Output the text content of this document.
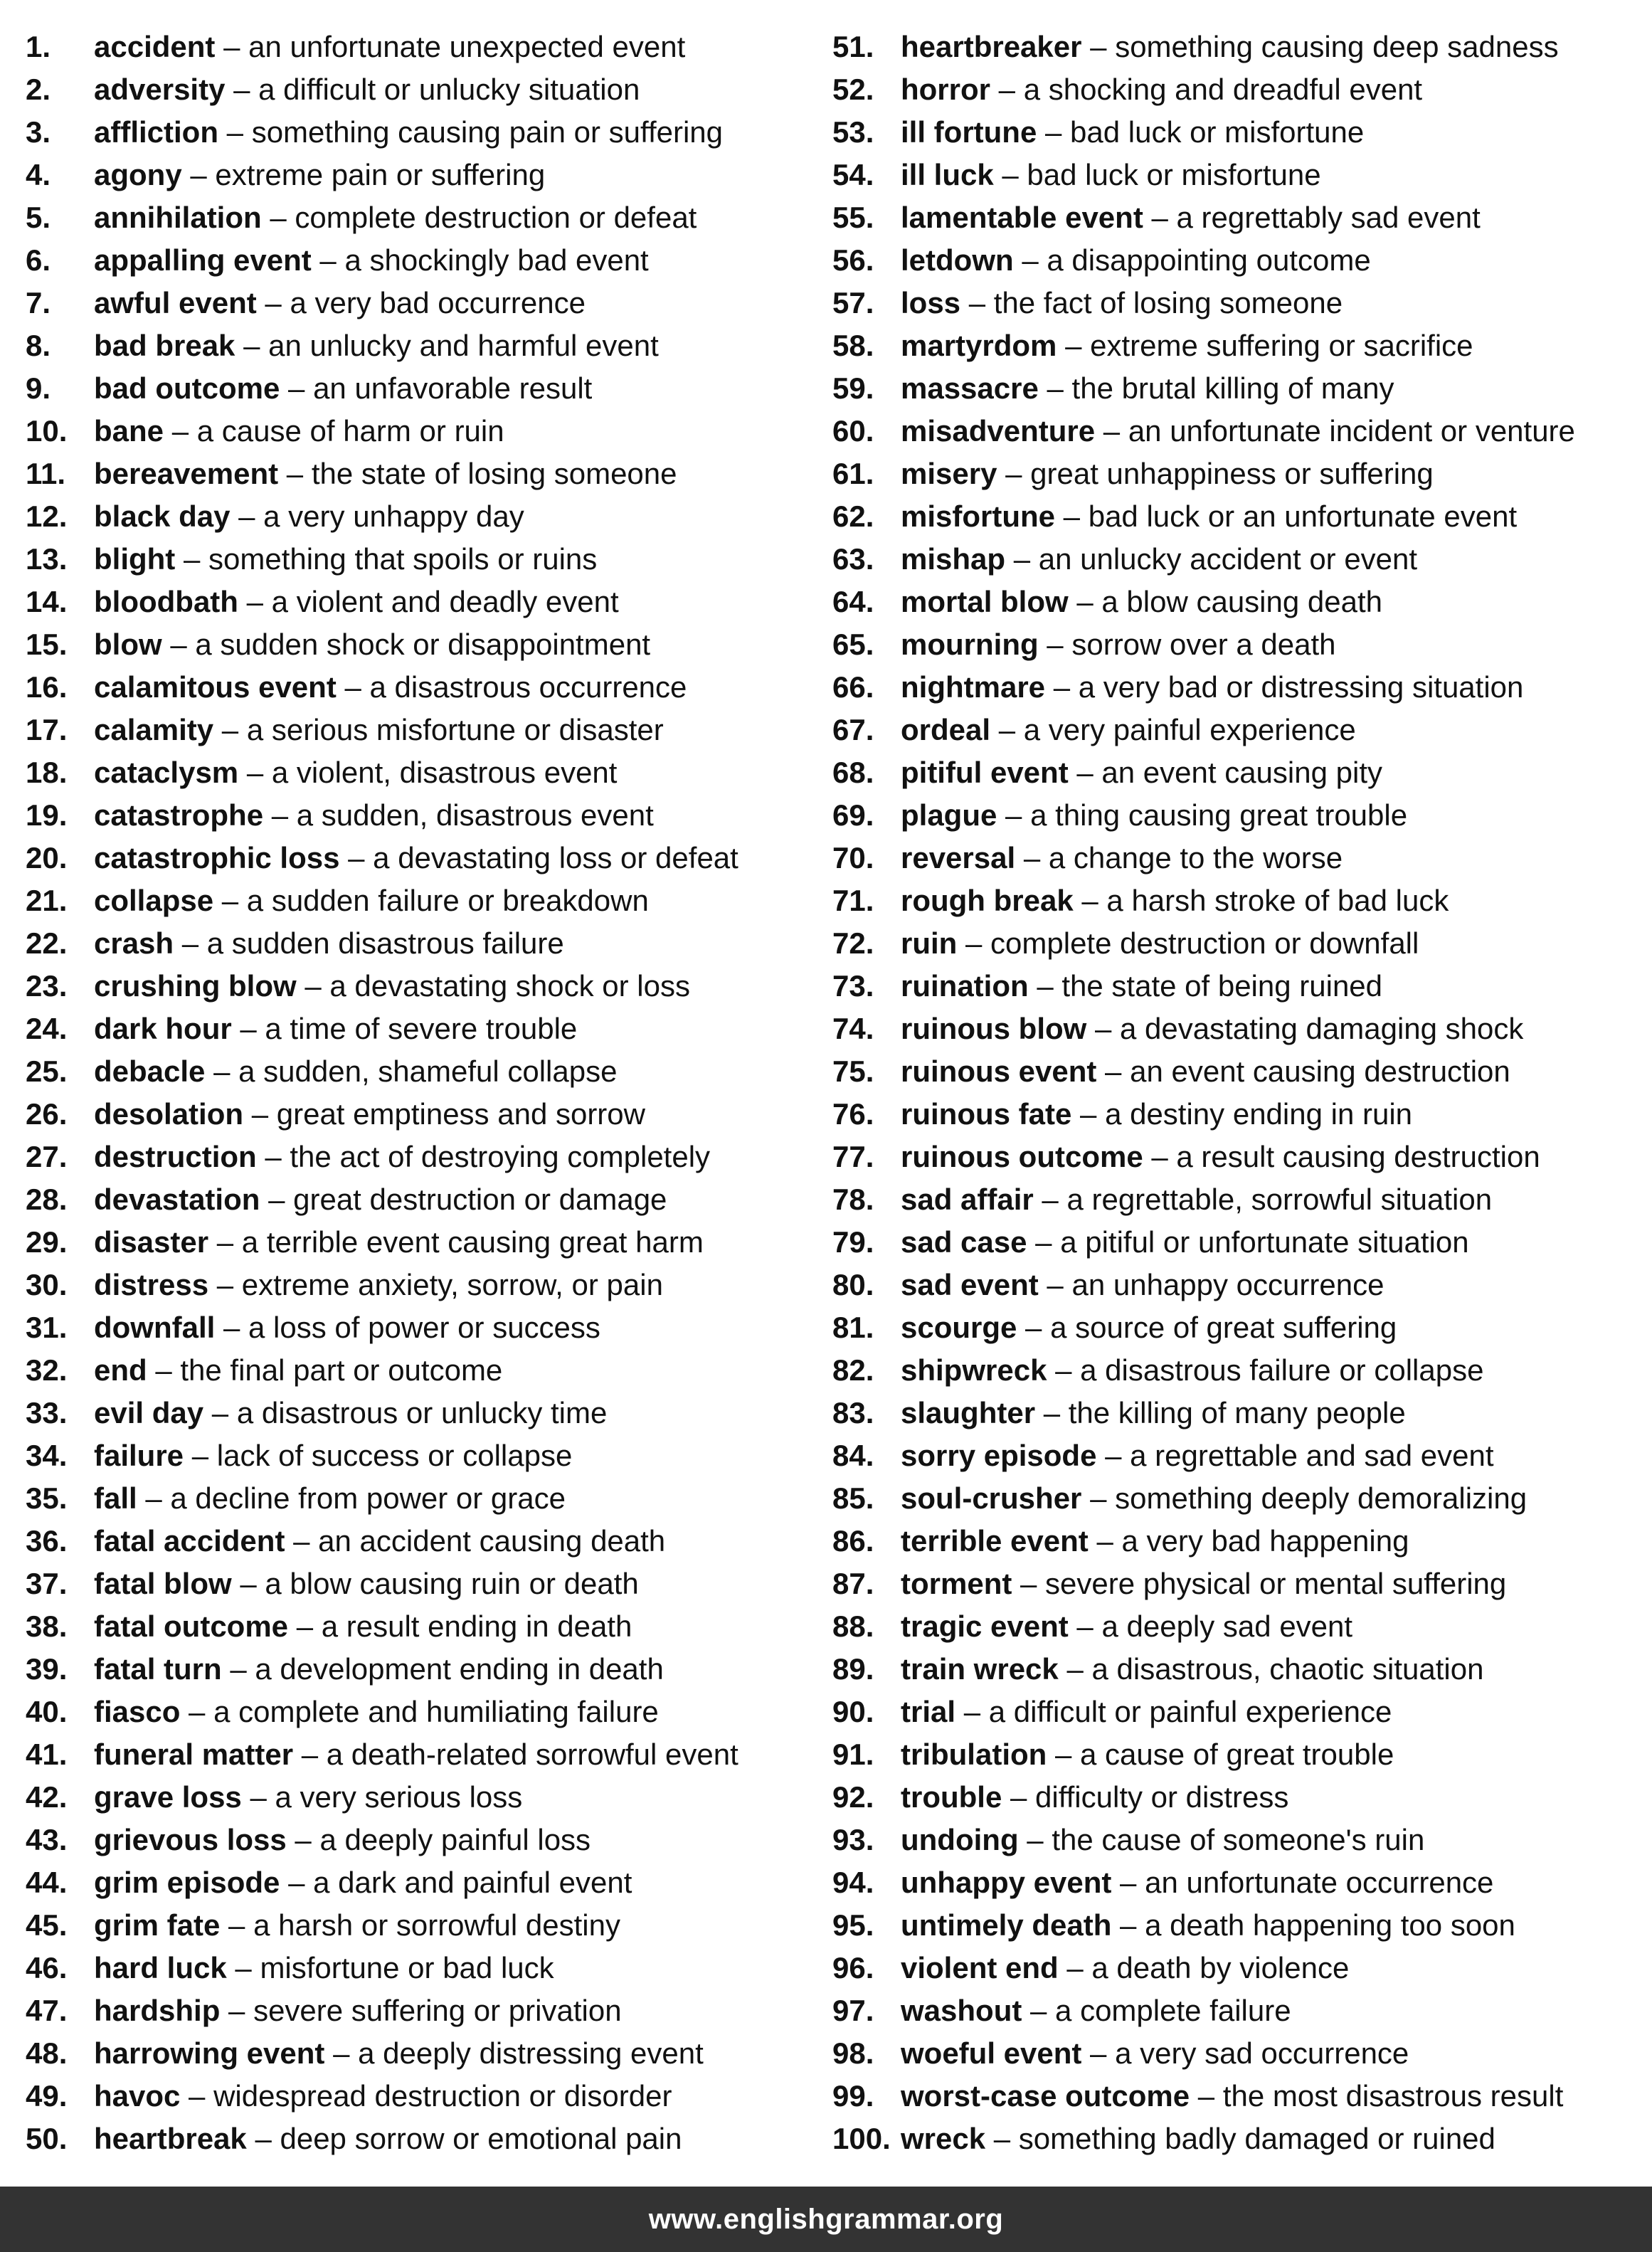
1.	accident – an unfortunate unexpected event
2.	adversity – a difficult or unlucky situation
3.	affliction – something causing pain or suffering
4.	agony – extreme pain or suffering
5.	annihilation – complete destruction or defeat
6.	appalling event – a shockingly bad event
7.	awful event – a very bad occurrence
8.	bad break – an unlucky and harmful event
9.	bad outcome – an unfavorable result
10. bane – a cause of harm or ruin
11. bereavement – the state of losing someone
12. black day – a very unhappy day
13. blight – something that spoils or ruins
14. bloodbath – a violent and deadly event
15. blow – a sudden shock or disappointment
16. calamitous event – a disastrous occurrence
17. calamity – a serious misfortune or disaster
18. cataclysm – a violent, disastrous event
19. catastrophe – a sudden, disastrous event
20. catastrophic loss – a devastating loss or defeat
21. collapse – a sudden failure or breakdown
22. crash – a sudden disastrous failure
23. crushing blow – a devastating shock or loss
24. dark hour – a time of severe trouble
25. debacle – a sudden, shameful collapse
26. desolation – great emptiness and sorrow
27. destruction – the act of destroying completely
28. devastation – great destruction or damage
29. disaster – a terrible event causing great harm
30. distress – extreme anxiety, sorrow, or pain
31. downfall – a loss of power or success
32. end – the final part or outcome
33. evil day – a disastrous or unlucky time
34. failure – lack of success or collapse
35. fall – a decline from power or grace
36. fatal accident – an accident causing death
37. fatal blow – a blow causing ruin or death
38. fatal outcome – a result ending in death
39. fatal turn – a development ending in death
40. fiasco – a complete and humiliating failure
41. funeral matter – a death-related sorrowful event
42. grave loss – a very serious loss
43. grievous loss – a deeply painful loss
44. grim episode – a dark and painful event
45. grim fate – a harsh or sorrowful destiny
46. hard luck – misfortune or bad luck
47. hardship – severe suffering or privation
48. harrowing event – a deeply distressing event
49. havoc – widespread destruction or disorder
50. heartbreak – deep sorrow or emotional pain
51. heartbreaker – something causing deep sadness
52. horror – a shocking and dreadful event
53. ill fortune – bad luck or misfortune
54. ill luck – bad luck or misfortune
55. lamentable event – a regrettably sad event
56. letdown – a disappointing outcome
57. loss – the fact of losing someone
58. martyrdom – extreme suffering or sacrifice
59. massacre – the brutal killing of many
60. misadventure – an unfortunate incident or venture
61. misery – great unhappiness or suffering
62. misfortune – bad luck or an unfortunate event
63. mishap – an unlucky accident or event
64. mortal blow – a blow causing death
65. mourning – sorrow over a death
66. nightmare – a very bad or distressing situation
67. ordeal – a very painful experience
68. pitiful event – an event causing pity
69. plague – a thing causing great trouble
70. reversal – a change to the worse
71. rough break – a harsh stroke of bad luck
72. ruin – complete destruction or downfall
73. ruination – the state of being ruined
74. ruinous blow – a devastating damaging shock
75. ruinous event – an event causing destruction
76. ruinous fate – a destiny ending in ruin
77. ruinous outcome – a result causing destruction
78. sad affair – a regrettable, sorrowful situation
79. sad case – a pitiful or unfortunate situation
80. sad event – an unhappy occurrence
81. scourge – a source of great suffering
82. shipwreck – a disastrous failure or collapse
83. slaughter – the killing of many people
84. sorry episode – a regrettable and sad event
85. soul-crusher – something deeply demoralizing
86. terrible event – a very bad happening
87. torment – severe physical or mental suffering
88. tragic event – a deeply sad event
89. train wreck – a disastrous, chaotic situation
90. trial – a difficult or painful experience
91. tribulation – a cause of great trouble
92. trouble – difficulty or distress
93. undoing – the cause of someone's ruin
94. unhappy event – an unfortunate occurrence
95. untimely death – a death happening too soon
96. violent end – a death by violence
97. washout – a complete failure
98. woeful event – a very sad occurrence
99. worst-case outcome – the most disastrous result
100. wreck – something badly damaged or ruined
www.englishgrammar.org
